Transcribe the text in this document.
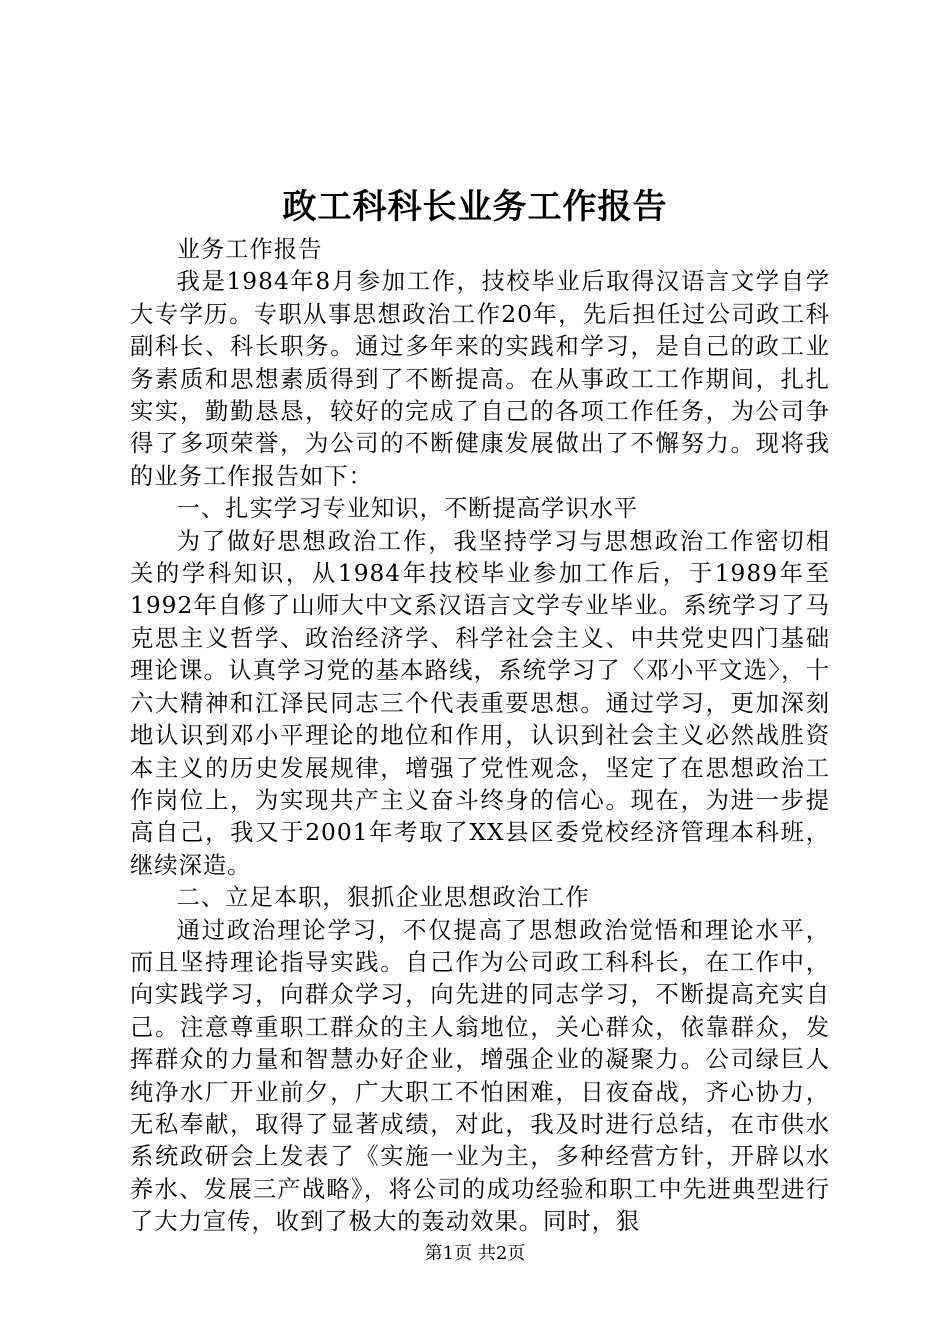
政工科科长业务工作报告

业务工作报告

我是1984年8月参加工作，技校毕业后取得汉语言文学自学大专学历。专职从事思想政治工作20年，先后担任过公司政工科副科长、科长职务。通过多年来的实践和学习，是自己的政工业务素质和思想素质得到了不断提高。在从事政工工作期间，扎扎实实，勤勤恳恳，较好的完成了自己的各项工作任务，为公司争得了多项荣誉，为公司的不断健康发展做出了不懈努力。现将我的业务工作报告如下：

一、扎实学习专业知识，不断提高学识水平

为了做好思想政治工作，我坚持学习与思想政治工作密切相关的学科知识，从1984年技校毕业参加工作后，于1989年至1992年自修了山师大中文系汉语言文学专业毕业。系统学习了马克思主义哲学、政治经济学、科学社会主义、中共党史四门基础理论课。认真学习党的基本路线，系统学习了〈邓小平文选〉，十六大精神和江泽民同志三个代表重要思想。通过学习，更加深刻地认识到邓小平理论的地位和作用，认识到社会主义必然战胜资本主义的历史发展规律，增强了党性观念，坚定了在思想政治工作岗位上，为实现共产主义奋斗终身的信心。现在，为进一步提高自己，我又于2001年考取了XX县区委党校经济管理本科班，继续深造。

二、立足本职，狠抓企业思想政治工作

通过政治理论学习，不仅提高了思想政治觉悟和理论水平，而且坚持理论指导实践。自己作为公司政工科科长，在工作中，向实践学习，向群众学习，向先进的同志学习，不断提高充实自己。注意尊重职工群众的主人翁地位，关心群众，依靠群众，发挥群众的力量和智慧办好企业，增强企业的凝聚力。公司绿巨人纯净水厂开业前夕，广大职工不怕困难，日夜奋战，齐心协力，无私奉献，取得了显著成绩，对此，我及时进行总结，在市供水系统政研会上发表了《实施一业为主，多种经营方针，开辟以水养水、发展三产战略》，将公司的成功经验和职工中先进典型进行了大力宣传，收到了极大的轰动效果。同时，狠

第1页 共2页
